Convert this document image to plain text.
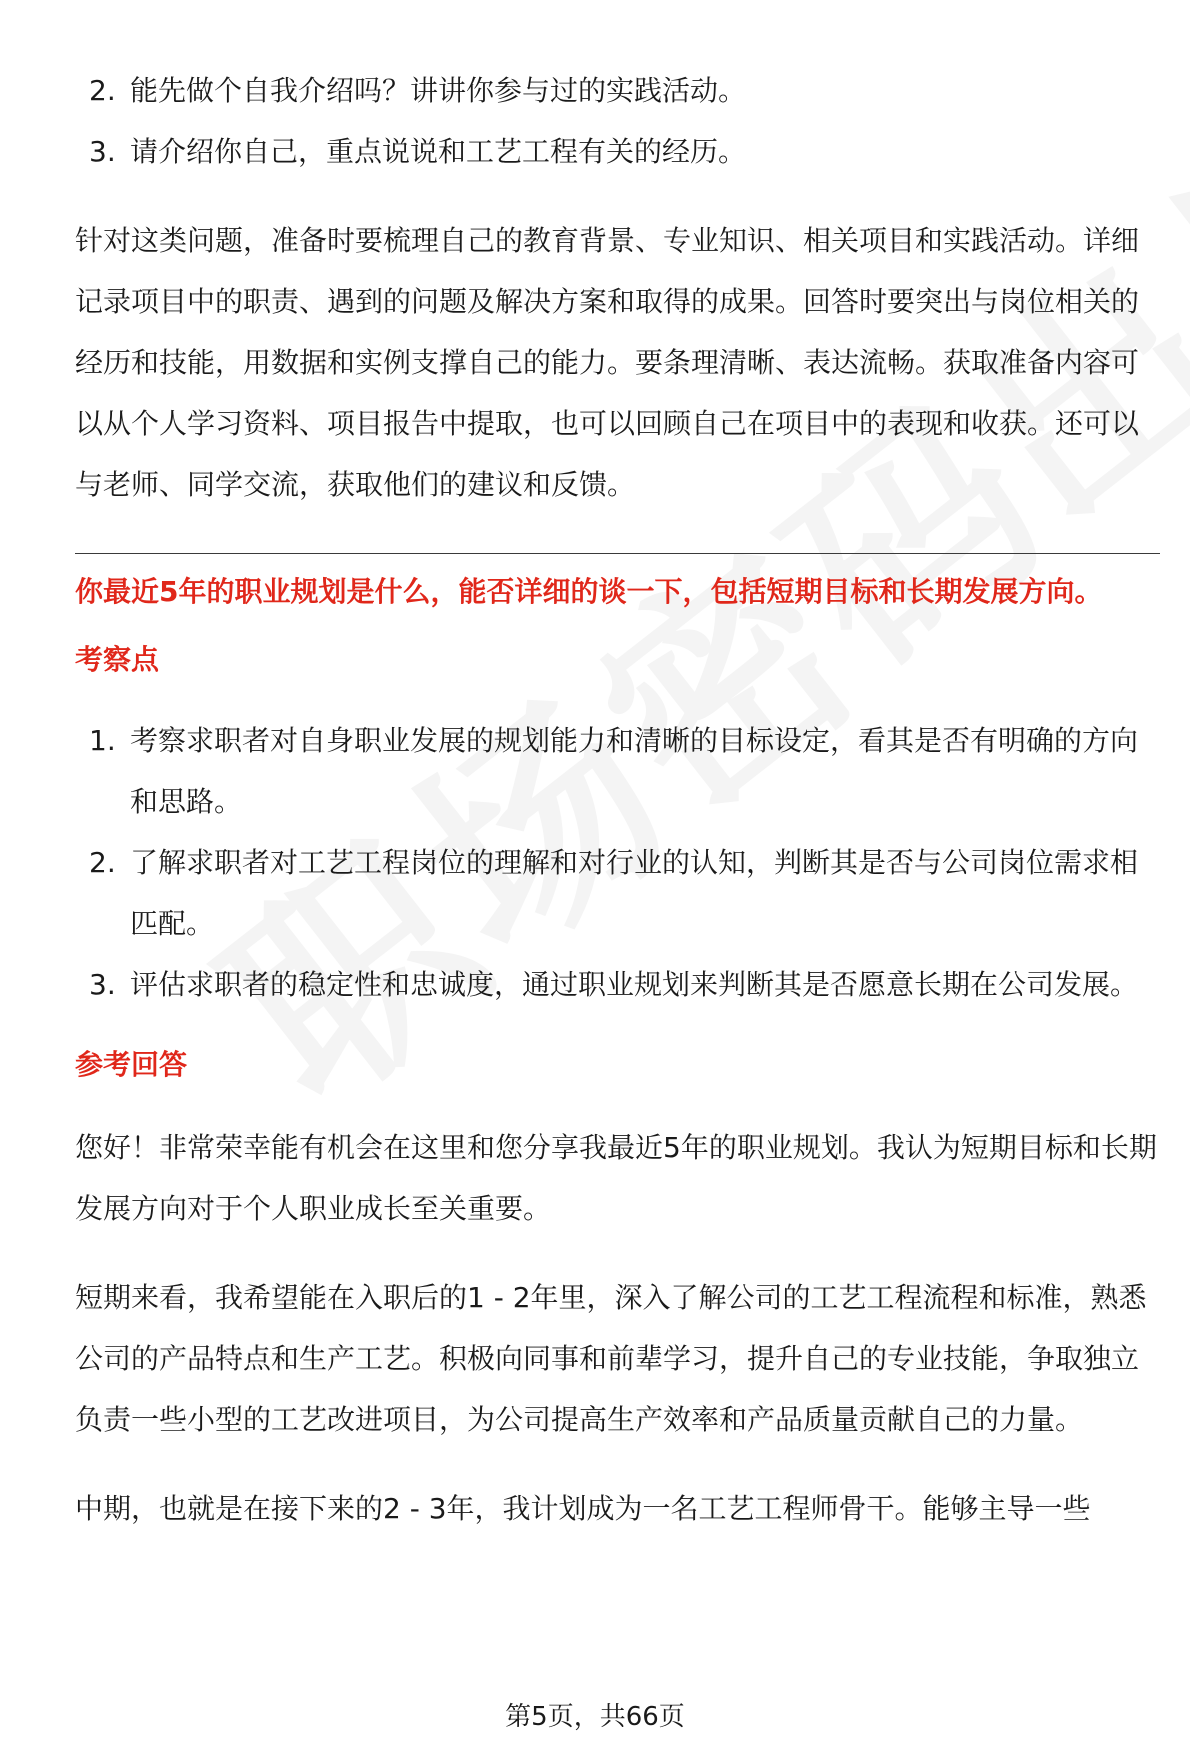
2. 能先做个自我介绍吗？讲讲你参与过的实践活动。
3. 请介绍你自己，重点说说和工艺工程有关的经历。

针对这类问题，准备时要梳理自己的教育背景、专业知识、相关项目和实践活动。详细记录项目中的职责、遇到的问题及解决方案和取得的成果。回答时要突出与岗位相关的经历和技能，用数据和实例支撑自己的能力。要条理清晰、表达流畅。获取准备内容可以从个人学习资料、项目报告中提取，也可以回顾自己在项目中的表现和收获。还可以与老师、同学交流，获取他们的建议和反馈。

你最近5年的职业规划是什么，能否详细的谈一下，包括短期目标和长期发展方向。
考察点
1. 考察求职者对自身职业发展的规划能力和清晰的目标设定，看其是否有明确的方向和思路。
2. 了解求职者对工艺工程岗位的理解和对行业的认知，判断其是否与公司岗位需求相匹配。
3. 评估求职者的稳定性和忠诚度，通过职业规划来判断其是否愿意长期在公司发展。
参考回答

您好！非常荣幸能有机会在这里和您分享我最近5年的职业规划。我认为短期目标和长期发展方向对于个人职业成长至关重要。

短期来看，我希望能在入职后的1 - 2年里，深入了解公司的工艺工程流程和标准，熟悉公司的产品特点和生产工艺。积极向同事和前辈学习，提升自己的专业技能，争取独立负责一些小型的工艺改进项目，为公司提高生产效率和产品质量贡献自己的力量。

中期，也就是在接下来的2 - 3年，我计划成为一名工艺工程师骨干。能够主导一些

第5页，共66页
